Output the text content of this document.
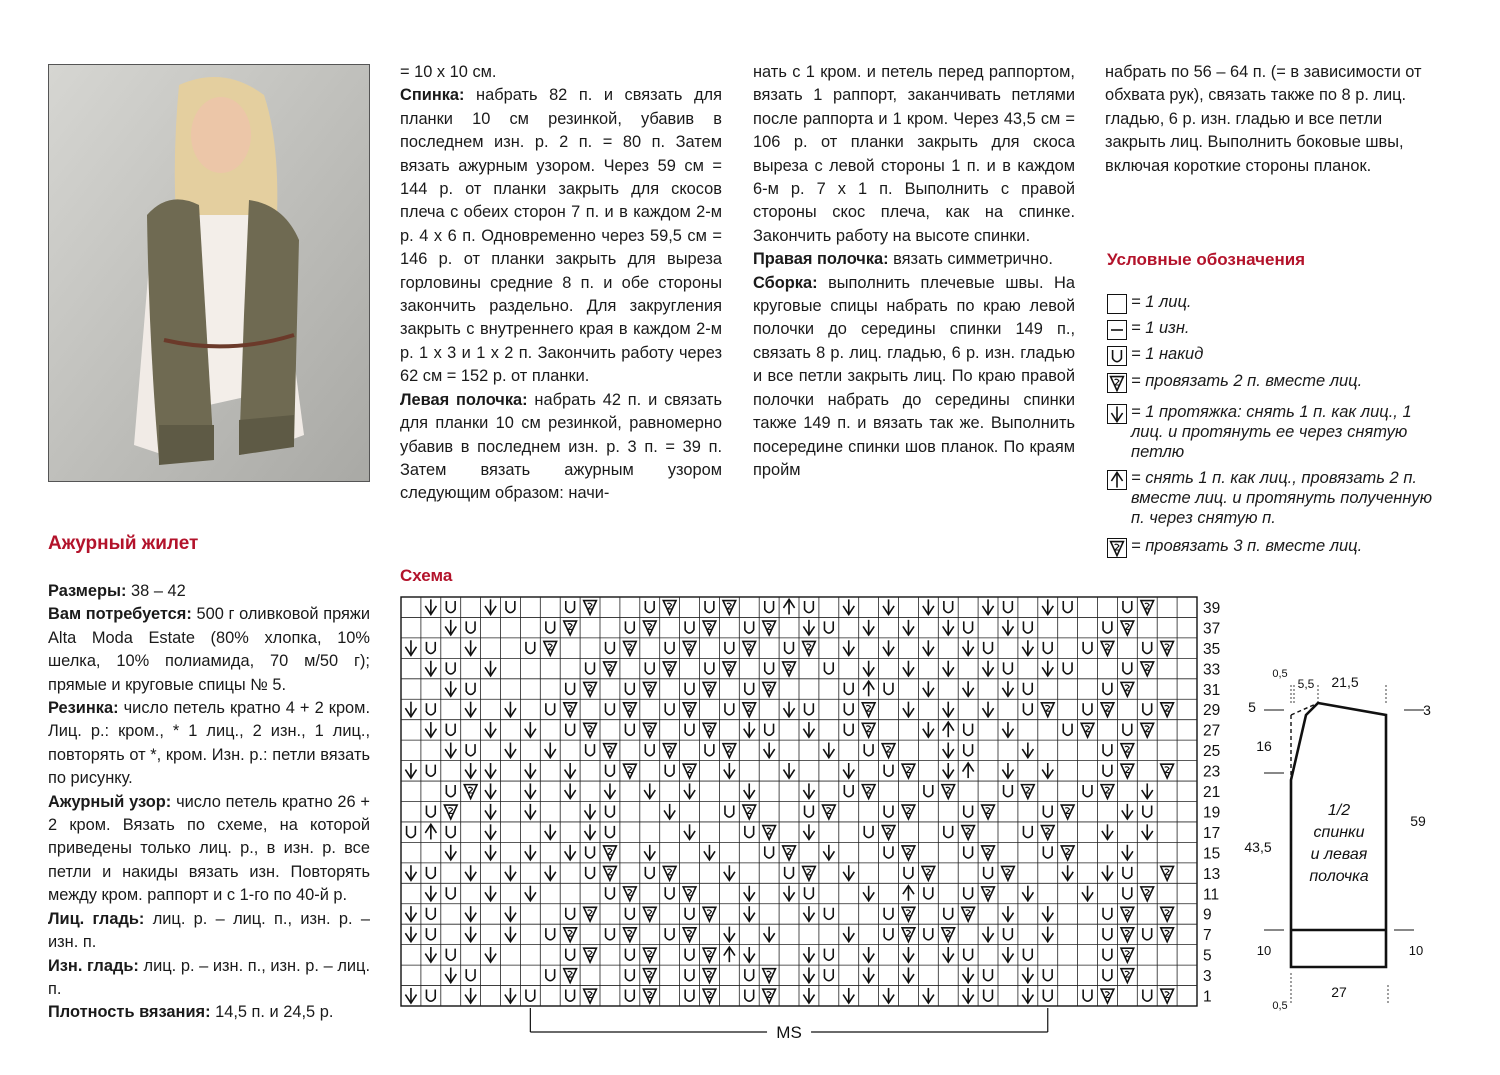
Ажурный жилет

Размеры: 38 – 42

Вам потребуется: 500 г оливковой пряжи Alta Moda Estate (80% хлопка, 10% шелка, 10% полиамида, 70 м/50 г); прямые и круговые спицы № 5.

Резинка: число петель кратно 4 + 2 кром. Лиц. р.: кром., * 1 лиц., 2 изн., 1 лиц., повторять от *, кром. Изн. р.: петли вязать по рисунку.

Ажурный узор: число петель кратно 26 + 2 кром. Вязать по схеме, на которой приведены только лиц. р., в изн. р. все петли и накиды вязать изн. Повторять между кром. раппорт и с 1-го по 40-й р.

Лиц. гладь: лиц. р. – лиц. п., изн. р. – изн. п.

Изн. гладь: лиц. р. – изн. п., изн. р. – лиц. п.

Плотность вязания: 14,5 п. и 24,5 р.

= 10 х 10 см.

Спинка: набрать 82 п. и связать для планки 10 см резинкой, убавив в последнем изн. р. 2 п. = 80 п. Затем вязать ажурным узором. Через 59 см = 144 р. от планки закрыть для скосов плеча с обеих сторон 7 п. и в каждом 2-м р. 4 х 6 п. Одновременно через 59,5 см = 146 р. от планки закрыть для выреза горловины средние 8 п. и обе стороны закончить раздельно. Для закругления закрыть с внутреннего края в каждом 2-м р. 1 х 3 и 1 х 2 п. Закончить работу через 62 см = 152 р. от планки.

Левая полочка: набрать 42 п. и связать для планки 10 см резинкой, равномерно убавив в последнем изн. р. 3 п. = 39 п. Затем вязать ажурным узором следующим образом: начи-

нать с 1 кром. и петель перед раппортом, вязать 1 раппорт, заканчивать петлями после раппорта и 1 кром. Через 43,5 см = 106 р. от планки закрыть для скоса выреза с левой стороны 1 п. и в каждом 6-м р. 7 х 1 п. Выполнить с правой стороны скос плеча, как на спинке. Закончить работу на высоте спинки.

Правая полочка: вязать симметрично.

Сборка: выполнить плечевые швы. На круговые спицы набрать по краю левой полочки до середины спинки 149 п., связать 8 р. лиц. гладью, 6 р. изн. гладью и все петли закрыть лиц. По краю правой полочки набрать до середины спинки также 149 п. и вязать так же. Выполнить посередине спинки шов планок. По краям пройм

набрать по 56 – 64 п. (= в зависимости от обхвата рук), связать также по 8 р. лиц. гладью, 6 р. изн. гладью и все петли закрыть лиц. Выполнить боковые швы, включая короткие стороны планок.

Условные обозначения
= 1 лиц.
= 1 изн.
= 1 накид
= провязать 2 п. вместе лиц.
= 1 протяжка: снять 1 п. как лиц., 1 лиц. и протянуть ее через снятую петлю
= снять 1 п. как лиц., провязать 2 п. вместе лиц. и протянуть полученную п. через снятую п.
= провязать 3 п. вместе лиц.
Схема
39
37
35
33
31
29
27
25
23
21
19
17
15
13
11
9
7
5
3
1
MS
0,5
5,5 21,5
5
16
43,5
10
3
59
10
0,5
27
1/2
спинки
и левая
полочка
